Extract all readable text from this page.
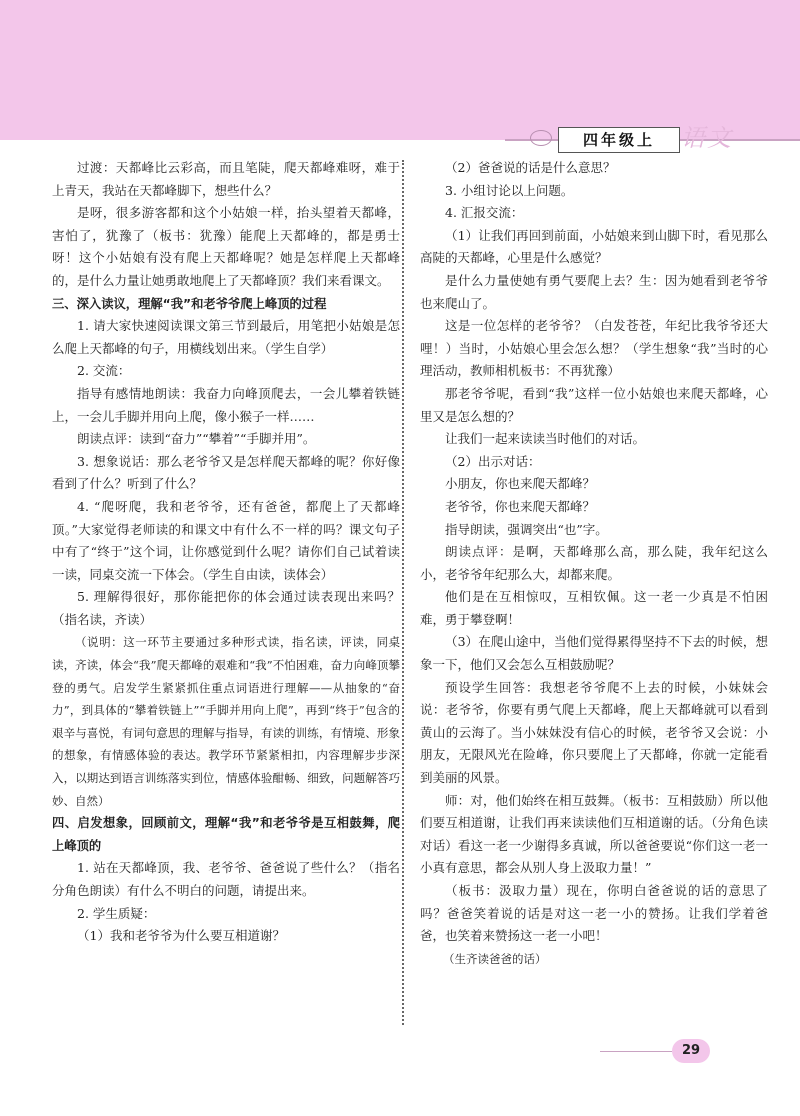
四年级上	语文

过渡：天都峰比云彩高，而且笔陡，爬天都峰难呀，难于上青天，我站在天都峰脚下，想些什么？

是呀，很多游客都和这个小姑娘一样，抬头望着天都峰，害怕了，犹豫了（板书：犹豫）能爬上天都峰的，都是勇士呀！这个小姑娘有没有爬上天都峰呢？她是怎样爬上天都峰的，是什么力量让她勇敢地爬上了天都峰顶？我们来看课文。

三、深入读议，理解“我”和老爷爷爬上峰顶的过程

1. 请大家快速阅读课文第三节到最后，用笔把小姑娘是怎么爬上天都峰的句子，用横线划出来。（学生自学）

2. 交流：

指导有感情地朗读：我奋力向峰顶爬去，一会儿攀着铁链上，一会儿手脚并用向上爬，像小猴子一样……

朗读点评：读到“奋力”“攀着”“手脚并用”。

3. 想象说话：那么老爷爷又是怎样爬天都峰的呢？你好像看到了什么？听到了什么？

4. “爬呀爬，我和老爷爷，还有爸爸，都爬上了天都峰顶。”大家觉得老师读的和课文中有什么不一样的吗？课文句子中有了“终于”这个词，让你感觉到什么呢？请你们自己试着读一读，同桌交流一下体会。（学生自由读，读体会）

5. 理解得很好，那你能把你的体会通过读表现出来吗？（指名读，齐读）

（说明：这一环节主要通过多种形式读，指名读，评读，同桌读，齐读，体会“我”爬天都峰的艰难和“我”不怕困难，奋力向峰顶攀登的勇气。启发学生紧紧抓住重点词语进行理解——从抽象的“奋力”，到具体的“攀着铁链上”“手脚并用向上爬”，再到“终于”包含的艰辛与喜悦，有词句意思的理解与指导，有读的训练，有情境、形象的想象，有情感体验的表达。教学环节紧紧相扣，内容理解步步深入，以期达到语言训练落实到位，情感体验酣畅、细致，问题解答巧妙、自然）

四、启发想象，回顾前文，理解“我”和老爷爷是互相鼓舞，爬上峰顶的

1. 站在天都峰顶，我、老爷爷、爸爸说了些什么？（指名分角色朗读）有什么不明白的问题，请提出来。

2. 学生质疑：

（1）我和老爷爷为什么要互相道谢？

（2）爸爸说的话是什么意思？

3. 小组讨论以上问题。

4. 汇报交流：

（1）让我们再回到前面，小姑娘来到山脚下时，看见那么高陡的天都峰，心里是什么感觉？

是什么力量使她有勇气要爬上去？生：因为她看到老爷爷也来爬山了。

这是一位怎样的老爷爷？（白发苍苍，年纪比我爷爷还大哩！）当时，小姑娘心里会怎么想？（学生想象“我”当时的心理活动，教师相机板书：不再犹豫）

那老爷爷呢，看到“我”这样一位小姑娘也来爬天都峰，心里又是怎么想的？

让我们一起来读读当时他们的对话。

（2）出示对话：

小朋友，你也来爬天都峰？

老爷爷，你也来爬天都峰？

指导朗读，强调突出“也”字。

朗读点评：是啊，天都峰那么高，那么陡，我年纪这么小，老爷爷年纪那么大，却都来爬。

他们是在互相惊叹，互相钦佩。这一老一少真是不怕困难，勇于攀登啊！

（3）在爬山途中，当他们觉得累得坚持不下去的时候，想象一下，他们又会怎么互相鼓励呢？

预设学生回答：我想老爷爷爬不上去的时候，小妹妹会说：老爷爷，你要有勇气爬上天都峰，爬上天都峰就可以看到黄山的云海了。当小妹妹没有信心的时候，老爷爷又会说：小朋友，无限风光在险峰，你只要爬上了天都峰，你就一定能看到美丽的风景。

师：对，他们始终在相互鼓舞。（板书：互相鼓励）所以他们要互相道谢，让我们再来读读他们互相道谢的话。（分角色读对话）看这一老一少谢得多真诚，所以爸爸要说“你们这一老一小真有意思，都会从别人身上汲取力量！”

（板书：汲取力量）现在，你明白爸爸说的话的意思了吗？爸爸笑着说的话是对这一老一小的赞扬。让我们学着爸爸，也笑着来赞扬这一老一小吧！

（生齐读爸爸的话）

29
